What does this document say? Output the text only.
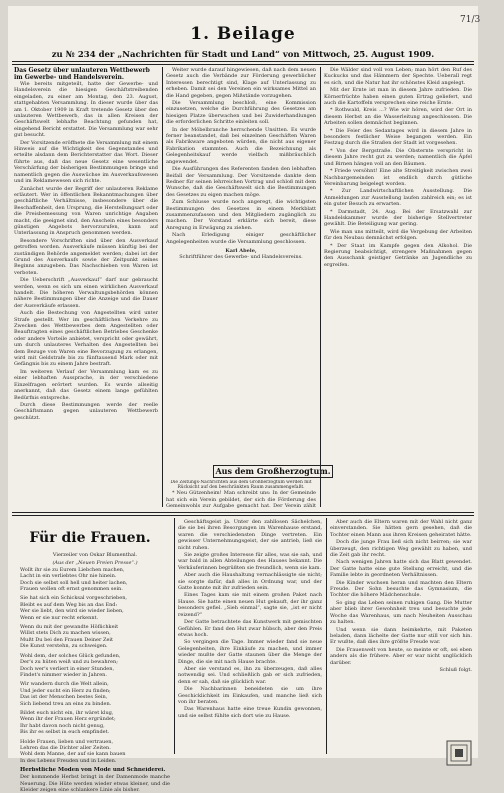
71/3
1. Beilage
zu № 234 der „Nachrichten für Stadt und Land“ von Mittwoch, 25. August 1909.
Das Gesetz über unlauteren Wettbewerb im Gewerbe- und Handelsverein.

Wie bereits mitgeteilt, hatte der Gewerbe- und Handelsverein die hiesigen Geschäftstreibenden eingeladen, zu einer am Montag, den 23. August, stattgehabten Versammlung. In dieser wurde über das am 1. Oktober 1909 in Kraft tretende Gesetz über den unlauteren Wettbewerb, das in allen Kreisen der Geschäftswelt lebhafte Beachtung gefunden hat, eingehend Bericht erstattet. Die Versammlung war sehr gut besucht.

Der Vorsitzende eröffnete die Versammlung mit einem Hinweis auf die Wichtigkeit des Gegenstandes und erteilte alsdann dem Berichterstatter das Wort. Dieser führte aus, daß das neue Gesetz eine wesentliche Verschärfung der bisherigen Bestimmungen bringe und namentlich gegen die Auswüchse im Ausverkaufswesen und im Reklamewesen sich richte.

Zunächst wurde der Begriff der unlauteren Reklame erläutert. Wer in öffentlichen Bekanntmachungen über geschäftliche Verhältnisse, insbesondere über die Beschaffenheit, den Ursprung, die Herstellungsart oder die Preisbemessung von Waren unrichtige Angaben macht, die geeignet sind, den Anschein eines besonders günstigen Angebots hervorzurufen, kann auf Unterlassung in Anspruch genommen werden.

Besondere Vorschriften sind über den Ausverkauf getroffen worden. Ausverkäufe müssen künftig bei der zuständigen Behörde angemeldet werden; dabei ist der Grund des Ausverkaufs sowie der Zeitpunkt seines Beginns anzugeben. Das Nachschieben von Waren ist verboten.

Die Ueberschrift „Ausverkauf“ darf nur gebraucht werden, wenn es sich um einen wirklichen Ausverkauf handelt. Die höheren Verwaltungsbehörden können nähere Bestimmungen über die Anzeige und die Dauer der Ausverkäufe erlassen.

Auch die Bestechung von Angestellten wird unter Strafe gestellt. Wer im geschäftlichen Verkehre zu Zwecken des Wettbewerbes dem Angestellten oder Beauftragten eines geschäftlichen Betriebes Geschenke oder andere Vorteile anbietet, verspricht oder gewährt, um durch unlauteres Verhalten des Angestellten bei dem Bezuge von Waren eine Bevorzugung zu erlangen, wird mit Geldstrafe bis zu fünftausend Mark oder mit Gefängnis bis zu einem Jahre bestraft.

Im weiteren Verlauf der Versammlung kam es zu einer lebhaften Aussprache, in der verschiedene Einzelfragen erörtert wurden. Es wurde allseitig anerkannt, daß das Gesetz einem lange gefühlten Bedürfnis entspreche.

Durch diese Bestimmungen werde der reelle Geschäftsmann gegen unlauteren Wettbewerb geschützt.

Weiter wurde darauf hingewiesen, daß nach dem neuen Gesetz auch die Verbände zur Förderung gewerblicher Interessen berechtigt sind, Klage auf Unterlassung zu erheben. Damit sei den Vereinen ein wirksames Mittel an die Hand gegeben, gegen Mißstände vorzugehen.

Die Versammlung beschloß, eine Kommission einzusetzen, welche die Durchführung des Gesetzes am hiesigen Platze überwachen und bei Zuwiderhandlungen die erforderlichen Schritte einleiten soll.

In der Möbelbranche herrschende Unsitten. Es wurde ferner beanstandet, daß bei einzelnen Geschäften Waren als Fabrikware angeboten würden, die nicht aus eigener Fabrikation stammten. Auch die Bezeichnung als Gelegenheitskauf werde vielfach mißbräuchlich angewendet.

Die Ausführungen des Referenten fanden den lebhaften Beifall der Versammlung. Der Vorsitzende dankte dem Redner für seinen lehrreichen Vortrag und schloß mit dem Wunsche, daß die Geschäftswelt sich die Bestimmungen des Gesetzes zu eigen machen möge.

Zum Schlusse wurde noch angeregt, die wichtigsten Bestimmungen des Gesetzes in einem Merkblatt zusammenzufassen und den Mitgliedern zugänglich zu machen. Der Vorstand erklärte sich bereit, diese Anregung in Erwägung zu ziehen.

Nach Erledigung einiger geschäftlicher Angelegenheiten wurde die Versammlung geschlossen.

Karl Abele,
Schriftführer des Gewerbe- und Handelsvereins.
Aus dem Großherzogtum.
Die Zeitungs-Nachrichten aus dem Großherzogtum werden mit Rücksicht auf den beschränkten Raum zusammengefaßt.

* Neu Gützenheim! Man schreibt uns: In der Gemeinde hat sich ein Verein gebildet, der sich die Förderung des Gemeinwohls zur Aufgabe gemacht hat. Der Verein zählt

Die Wälder sind voll von Leben; man hört den Ruf des Kuckucks und das Hämmern der Spechte. Ueberall regt es sich, und die Natur hat ihr schönstes Kleid angelegt.

Mit der Ernte ist man in diesem Jahre zufrieden. Die Körnerfrüchte haben einen guten Ertrag geliefert, und auch die Kartoffeln versprechen eine reiche Ernte.

* Rothwald, Kreis ...? Wie wir hören, wird der Ort in diesem Herbst an die Wasserleitung angeschlossen. Die Arbeiten sollen demnächst beginnen.

* Die Feier des Sedantages wird in diesem Jahre in besonders festlicher Weise begangen werden. Ein Festzug durch die Straßen der Stadt ist vorgesehen.

* Von der Bergstraße. Die Obsternte verspricht in diesem Jahre recht gut zu werden; namentlich die Äpfel und Birnen hängen voll an den Bäumen.

* Friede versöhnt! Eine alte Streitigkeit zwischen zwei Nachbargemeinden ist endlich durch gütliche Vereinbarung beigelegt worden.

* Zur Landwirtschaftlichen Ausstellung. Die Anmeldungen zur Ausstellung laufen zahlreich ein; es ist ein guter Besuch zu erwarten.

* Darmstadt, 24. Aug. Bei der Ersatzwahl zur Handelskammer wurde der bisherige Stellvertreter gewählt. Die Beteiligung war gering.

Wie man uns mitteilt, wird die Vergebung der Arbeiten für den Neubau demnächst erfolgen.

* Der Staat im Kampfe gegen den Alkohol. Die Regierung beabsichtigt, strengere Maßnahmen gegen den Ausschank geistiger Getränke an Jugendliche zu ergreifen.

Für die Frauen.
Vierzeiler von Oskar Blumenthal.
(Aus der „Neuen Freien Presse“.)
Wollt ihr sie zu Eurem Liebchen machen,
Lacht in ein verliebtes Ohr nie hinein.
Doch sie selbst soll hell und heiter lachen,
Frauen wollen oft ernst genommen sein.
Sie hat sich ein Schicksal vorgeschrieben,
Bleibt es auf dem Weg bis an das End:
Wer sie liebt, den wird sie wieder lieben,
Wenn er sie nur recht erkennt.
Wenn du mit der gewandte Höflichkeit
Willst stets Dich zu machen wissen,
Mußt Du bei den Frauen Deiner Zeit
Die Kunst verstehn, zu schweigen.
Wohl dem, der solches Glück gefunden,
Der's zu hüten weiß und zu bewahren;
Doch wer's verliert in einer Stunden,
Findet's nimmer wieder in Jahren.
Wir wandern durch die Welt allein,
Und jeder sucht ein Herz zu finden;
Das ist der Menschen bestes Sein,
Sich liebend treu an eins zu binden.
Bildet euch nicht ein, ihr wäret klug,
Wenn ihr der Frauen Herz ergründet;
Ihr habt davon noch nicht genug,
Bis ihr es selbst in euch empfindet.
Holde Frauen, lieben und vertrauen,
Lehren das die Dichter aller Zeiten.
Wohl dem Manne, der auf sie kann bauen
In des Lebens Freuden und in Leiden.
Herbstliche Moden von Mode und Schneiderei.
Der kommende Herbst bringt in der Damenmode manche Neuerung. Die Hüte werden wieder etwas kleiner, und die Kleider zeigen eine schlankere Linie als bisher.

Geschäftsgeist ja. Unter den zahllosen Sächelchen, die sie bei ihren Besorgungen im Warenhause erstand, waren die verschiedensten Dinge vertreten. Ein gewisser Unternehmungsgeist, der sie antrieb, ließ sie nicht ruhen.

Sie zeigte großes Interesse für alles, was sie sah, und war bald in allen Abteilungen des Hauses bekannt. Die Verkäuferinnen begrüßten sie freundlich, wenn sie kam.

Aber auch die Haushaltung vernachlässigte sie nicht; sie sorgte dafür, daß alles in Ordnung war, und der Gatte konnte mit ihr zufrieden sein.

Eines Tages kam sie mit einem großen Paket nach Hause. Sie hatte einen neuen Hut gekauft, der ihr ganz besonders gefiel. „Sieh einmal“, sagte sie, „ist er nicht reizend?“

Der Gatte betrachtete das Kunstwerk mit gemischten Gefühlen. Er fand den Hut zwar hübsch, aber den Preis etwas hoch.

So vergingen die Tage. Immer wieder fand sie neue Gelegenheiten, ihre Einkäufe zu machen, und immer wieder mußte der Gatte staunen über die Menge der Dinge, die sie mit nach Hause brachte.

Aber sie verstand es, ihn zu überzeugen, daß alles notwendig sei. Und schließlich gab er sich zufrieden, denn er sah, daß sie glücklich war.

Die Nachbarinnen beneideten sie um ihre Geschicklichkeit im Einkaufen, und manche ließ sich von ihr beraten.

Das Warenhaus hatte eine treue Kundin gewonnen, und sie selbst fühlte sich dort wie zu Hause.

Aber auch die Eltern waren mit der Wahl nicht ganz einverstanden. Sie hätten gern gesehen, daß die Tochter einen Mann aus ihren Kreisen geheiratet hätte.

Doch die junge Frau ließ sich nicht beirren; sie war überzeugt, den richtigen Weg gewählt zu haben, und die Zeit gab ihr recht.

Nach wenigen Jahren hatte sich das Blatt gewendet. Der Gatte hatte eine gute Stellung erreicht, und die Familie lebte in geordneten Verhältnissen.

Die Kinder wuchsen heran und machten den Eltern Freude. Der Sohn besuchte das Gymnasium, die Tochter die höhere Mädchenschule.

So ging das Leben seinen ruhigen Gang. Die Mutter aber blieb ihrer Gewohnheit treu und besuchte jede Woche das Warenhaus, um nach Neuheiten Ausschau zu halten.

Und wenn sie dann heimkehrte, mit Paketen beladen, dann lächelte der Gatte nur still vor sich hin. Er wußte, daß dies ihre größte Freude war.

Die Frauenwelt von heute, so meinte er oft, sei eben anders als die frühere. Aber er war nicht unglücklich darüber.

Schluß folgt.
